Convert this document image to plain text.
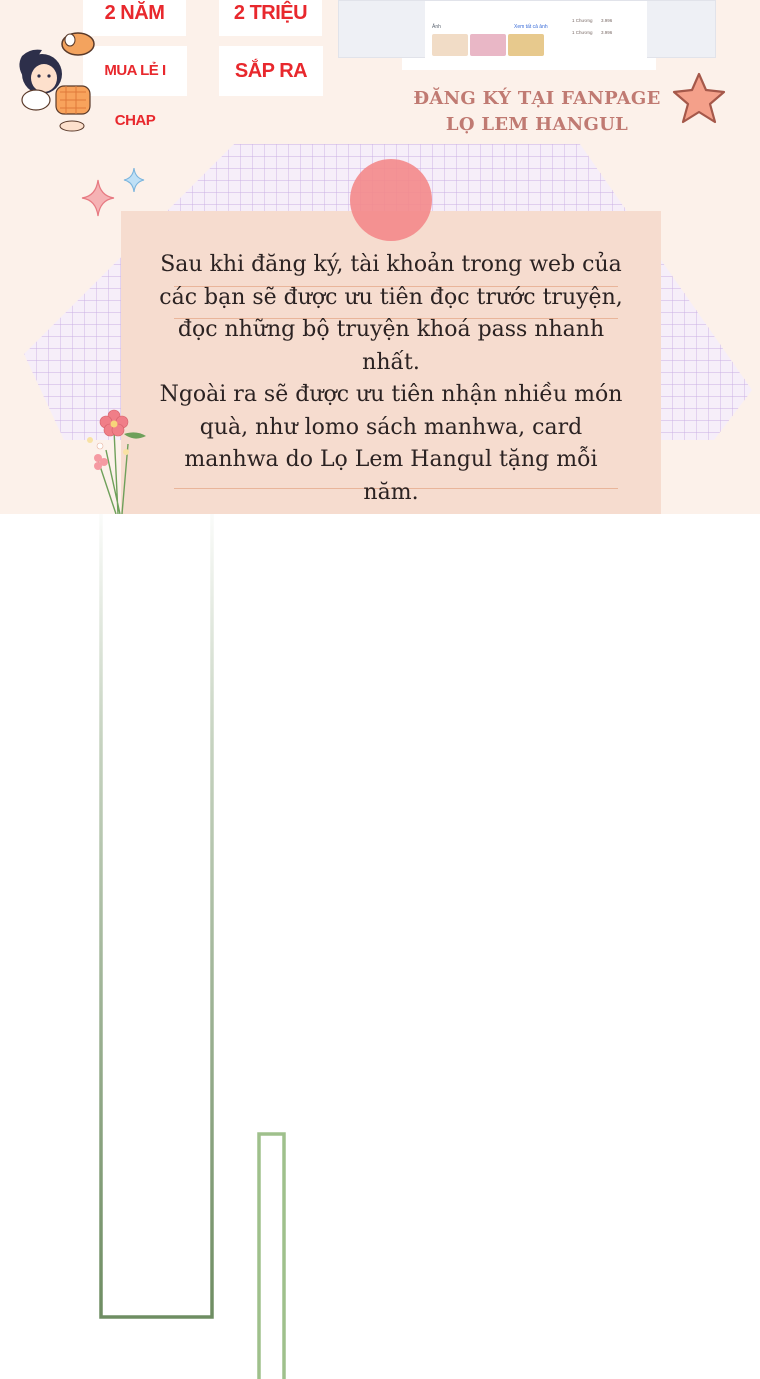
2 NĂM	2 TRIỆU
MUA LẺ I CHAP
SẮP RA
Ảnh	Xem tất cả ảnh
1 Chương 3.996
1 Chương 3.996
ĐĂNG KÝ TẠI FANPAGE
LỌ LEM HANGUL
Sau khi đăng ký, tài khoản trong web của
các bạn sẽ được ưu tiên đọc trước truyện,
đọc những bộ truyện khoá pass nhanh
nhất.
Ngoài ra sẽ được ưu tiên nhận nhiều món
quà, như lomo sách manhwa, card
manhwa do Lọ Lem Hangul tặng mỗi
năm.
